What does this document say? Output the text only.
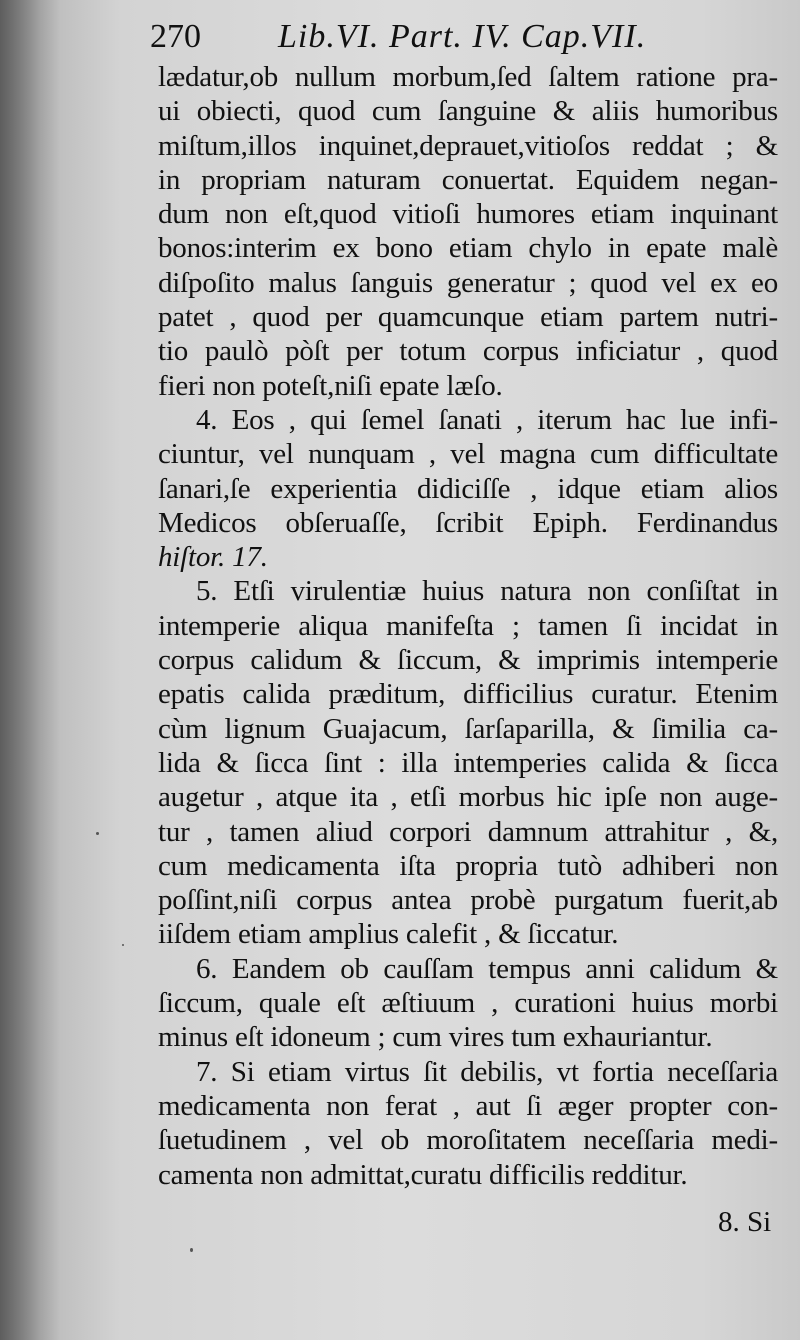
270 Lib.VI. Part. IV. Cap.VII.
lædatur,ob nullum morbum,ſed ſaltem ratione pra-
ui obiecti, quod cum ſanguine & aliis humoribus
miſtum,illos inquinet,deprauet,vitioſos reddat ; &
in propriam naturam conuertat. Equidem negan-
dum non eſt,quod vitioſi humores etiam inquinant
bonos:interim ex bono etiam chylo in epate malè
diſpoſito malus ſanguis generatur ; quod vel ex eo
patet , quod per quamcunque etiam partem nutri-
tio paulò pòſt per totum corpus inficiatur , quod
fieri non poteſt,niſi epate læſo.
4. Eos , qui ſemel ſanati , iterum hac lue infi-
ciuntur, vel nunquam , vel magna cum difficultate
ſanari,ſe experientia didiciſſe , idque etiam alios
Medicos obſeruaſſe, ſcribit Epiph. Ferdinandus
hiſtor. 17.
5. Etſi virulentiæ huius natura non conſiſtat in
intemperie aliqua manifeſta ; tamen ſi incidat in
corpus calidum & ſiccum, & imprimis intemperie
epatis calida præditum, difficilius curatur. Etenim
cùm lignum Guajacum, ſarſaparilla, & ſimilia ca-
lida & ſicca ſint : illa intemperies calida & ſicca
augetur , atque ita , etſi morbus hic ipſe non auge-
tur , tamen aliud corpori damnum attrahitur , &,
cum medicamenta iſta propria tutò adhiberi non
poſſint,niſi corpus antea probè purgatum fuerit,ab
iiſdem etiam amplius calefit , & ſiccatur.
6. Eandem ob cauſſam tempus anni calidum &
ſiccum, quale eſt æſtiuum , curationi huius morbi
minus eſt idoneum ; cum vires tum exhauriantur.
7. Si etiam virtus ſit debilis, vt fortia neceſſaria
medicamenta non ferat , aut ſi æger propter con-
ſuetudinem , vel ob moroſitatem neceſſaria medi-
camenta non admittat,curatu difficilis redditur.
8. Si
